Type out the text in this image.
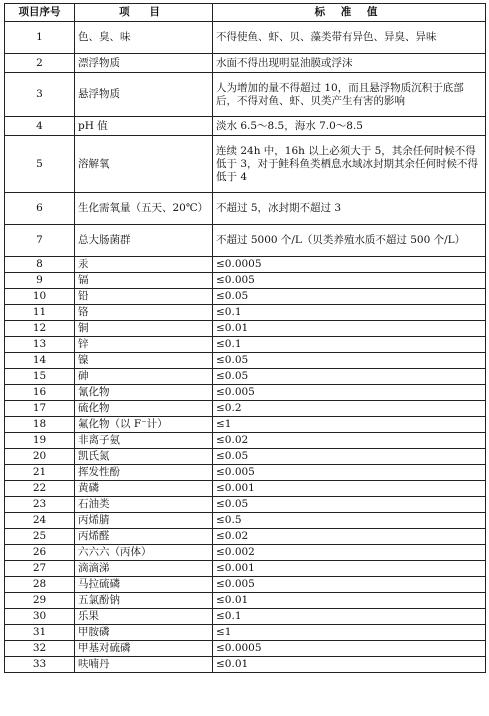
项目序号	项 目	标 准 值
1	色、臭、味	不得使鱼、虾、贝、藻类带有异色、异臭、异味
2	漂浮物质	水面不得出现明显油膜或浮沫
3	悬浮物质	人为增加的量不得超过 10，而且悬浮物质沉积于底部后，不得对鱼、虾、贝类产生有害的影响
4	pH 值	淡水 6.5～8.5，海水 7.0～8.5
5	溶解氧	连续 24h 中，16h 以上必须大于 5，其余任何时候不得低于 3，对于鲑科鱼类栖息水域冰封期其余任何时候不得低于 4
6	生化需氧量（五天、20℃）	不超过 5，冰封期不超过 3
7	总大肠菌群	不超过 5000 个/L（贝类养殖水质不超过 500 个/L）
8	汞	≤0.0005
9	镉	≤0.005
10	铅	≤0.05
11	铬	≤0.1
12	铜	≤0.01
13	锌	≤0.1
14	镍	≤0.05
15	砷	≤0.05
16	氰化物	≤0.005
17	硫化物	≤0.2
18	氟化物（以 F⁻计）	≤1
19	非离子氨	≤0.02
20	凯氏氮	≤0.05
21	挥发性酚	≤0.005
22	黄磷	≤0.001
23	石油类	≤0.05
24	丙烯腈	≤0.5
25	丙烯醛	≤0.02
26	六六六（丙体）	≤0.002
27	滴滴涕	≤0.001
28	马拉硫磷	≤0.005
29	五氯酚钠	≤0.01
30	乐果	≤0.1
31	甲胺磷	≤1
32	甲基对硫磷	≤0.0005
33	呋喃丹	≤0.01
